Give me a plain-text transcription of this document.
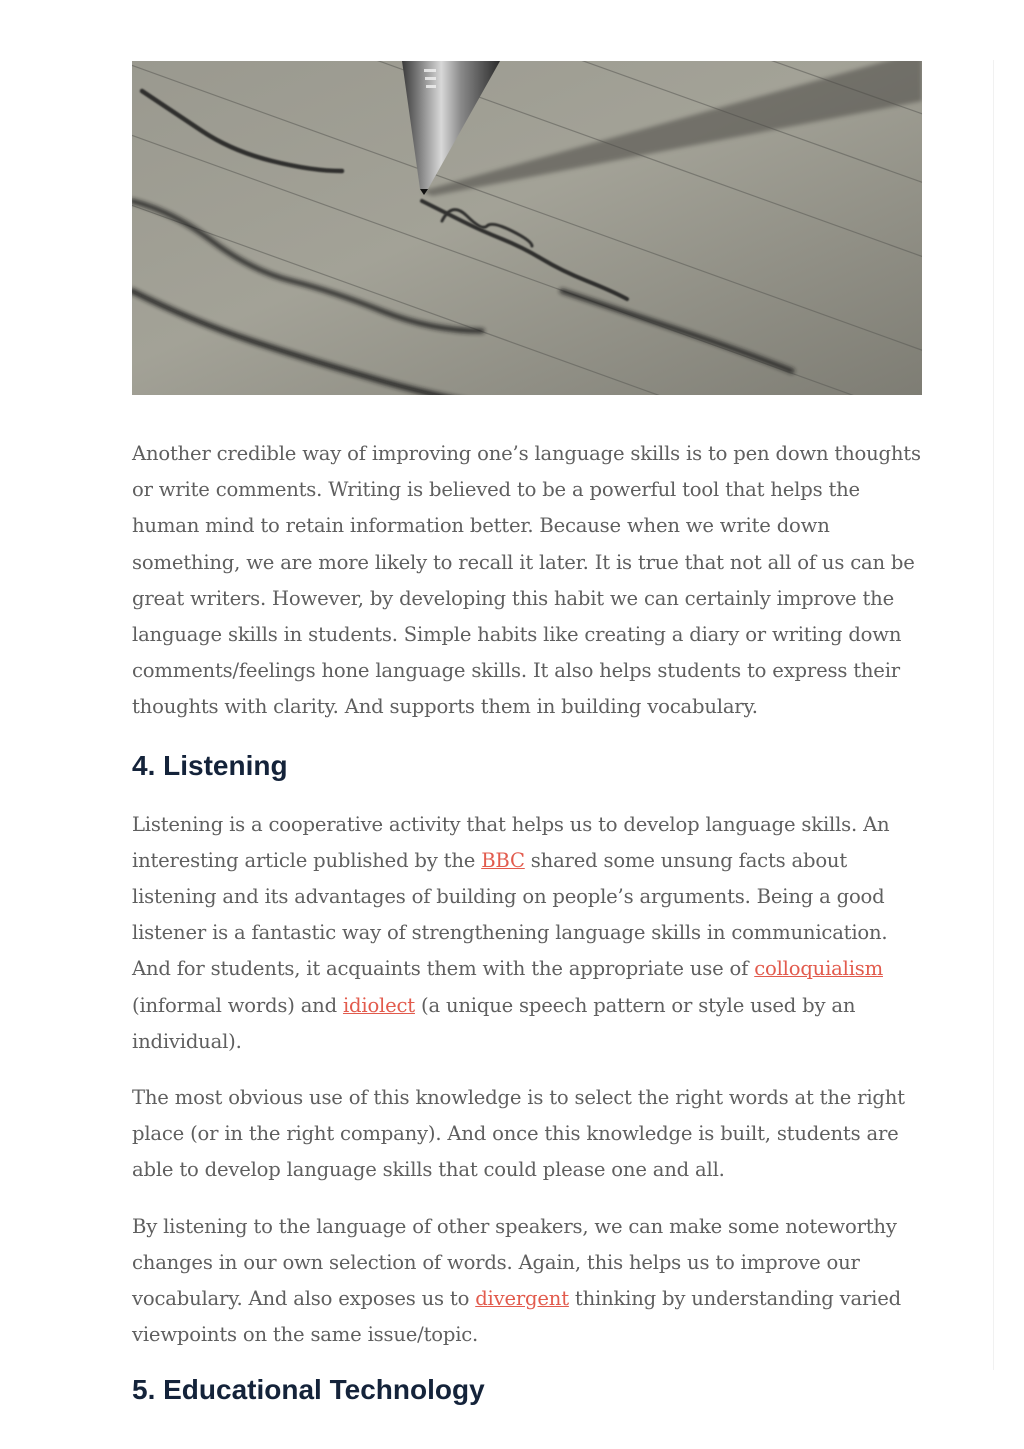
Another credible way of improving one’s language skills is to pen down thoughts or write comments. Writing is believed to be a powerful tool that helps the human mind to retain information better. Because when we write down something, we are more likely to recall it later. It is true that not all of us can be great writers. However, by developing this habit we can certainly improve the language skills in students. Simple habits like creating a diary or writing down comments/feelings hone language skills. It also helps students to express their thoughts with clarity. And supports them in building vocabulary.

4. Listening

Listening is a cooperative activity that helps us to develop language skills. An interesting article published by the BBC shared some unsung facts about listening and its advantages of building on people’s arguments. Being a good listener is a fantastic way of strengthening language skills in communication. And for students, it acquaints them with the appropriate use of colloquialism (informal words) and idiolect (a unique speech pattern or style used by an individual).

The most obvious use of this knowledge is to select the right words at the right place (or in the right company). And once this knowledge is built, students are able to develop language skills that could please one and all.

By listening to the language of other speakers, we can make some noteworthy changes in our own selection of words. Again, this helps us to improve our vocabulary. And also exposes us to divergent thinking by understanding varied viewpoints on the same issue/topic.

5. Educational Technology
